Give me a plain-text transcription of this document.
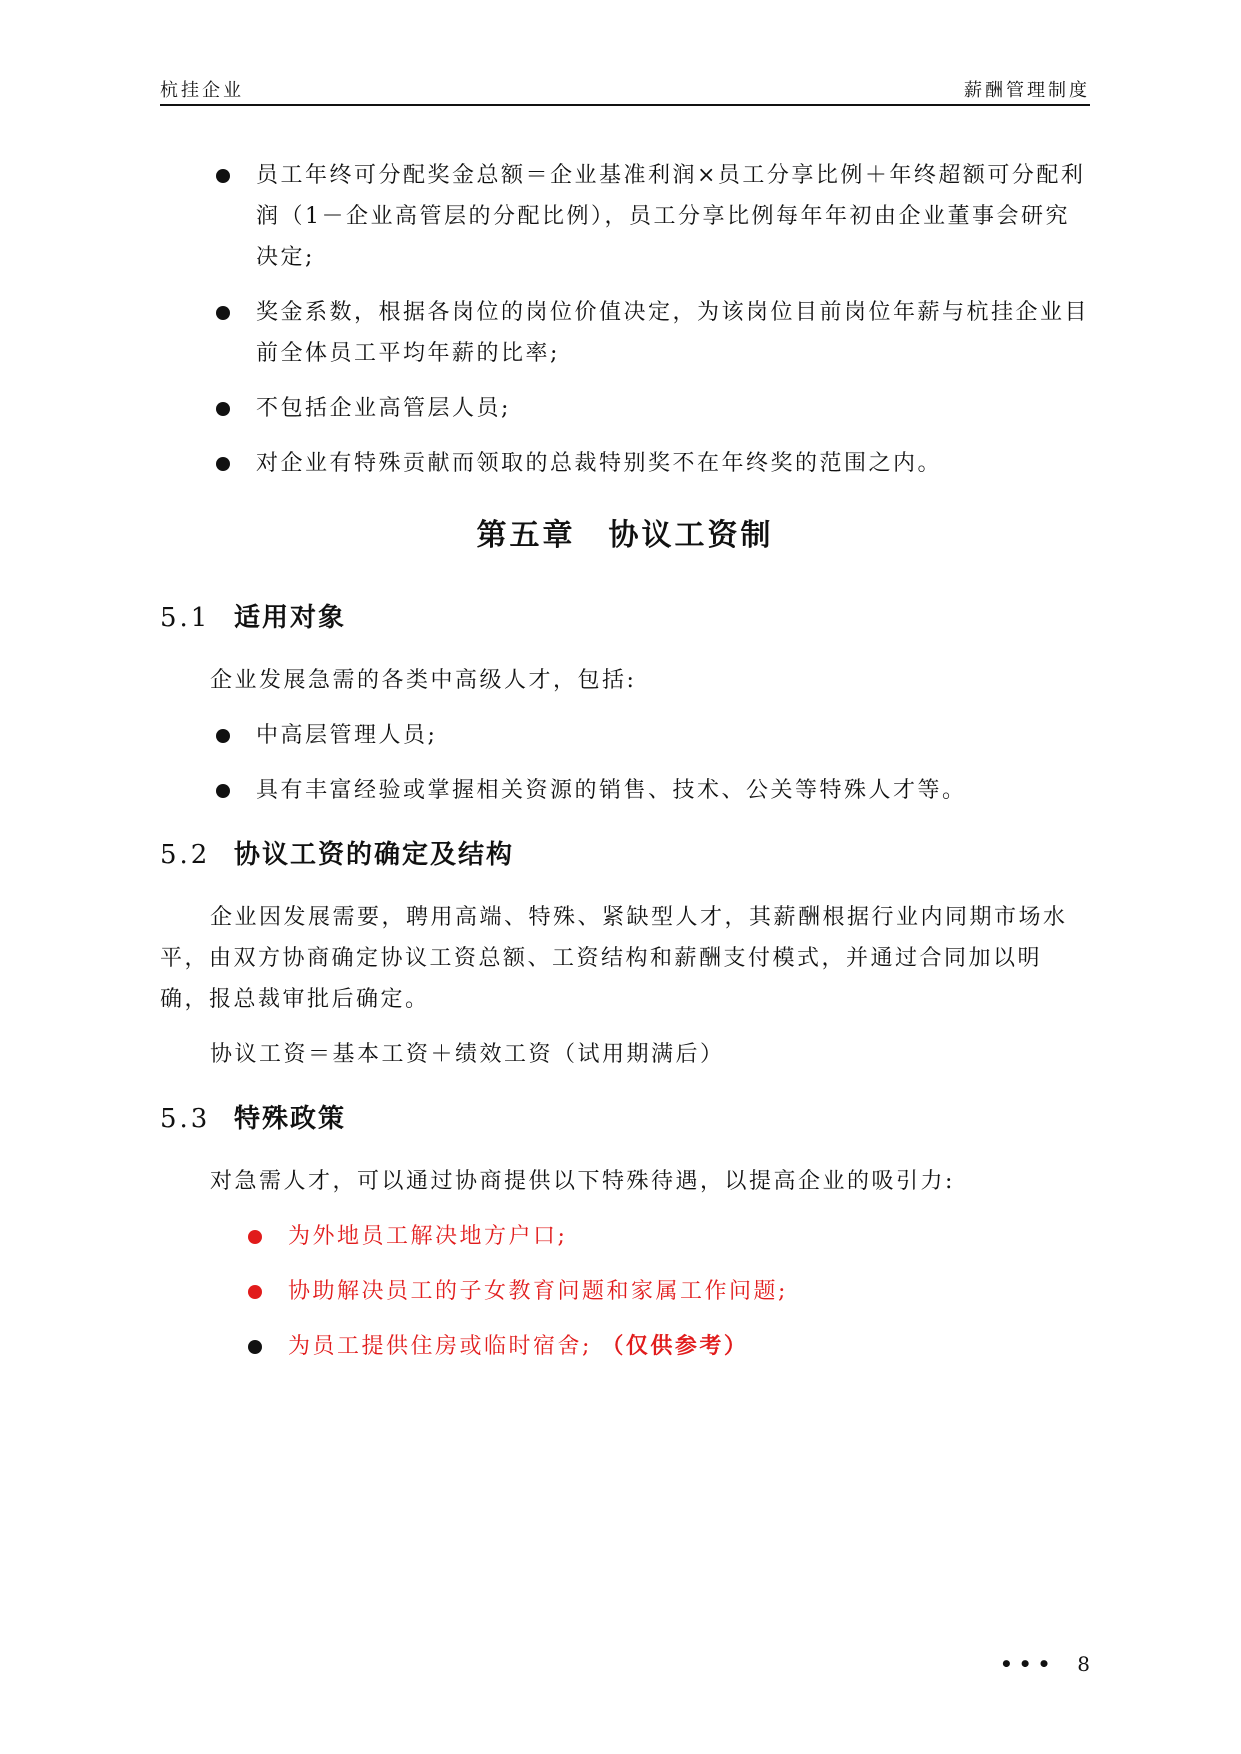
杭挂企业	薪酬管理制度
员工年终可分配奖金总额＝企业基准利润×员工分享比例＋年终超额可分配利润（1－企业高管层的分配比例），员工分享比例每年年初由企业董事会研究决定;
奖金系数，根据各岗位的岗位价值决定，为该岗位目前岗位年薪与杭挂企业目前全体员工平均年薪的比率;
不包括企业高管层人员;
对企业有特殊贡献而领取的总裁特别奖不在年终奖的范围之内。
第五章　协议工资制
5.1 适用对象
企业发展急需的各类中高级人才，包括:
中高层管理人员;
具有丰富经验或掌握相关资源的销售、技术、公关等特殊人才等。
5.2 协议工资的确定及结构
企业因发展需要，聘用高端、特殊、紧缺型人才，其薪酬根据行业内同期市场水平，由双方协商确定协议工资总额、工资结构和薪酬支付模式，并通过合同加以明确，报总裁审批后确定。
协议工资＝基本工资＋绩效工资（试用期满后）
5.3 特殊政策
对急需人才，可以通过协商提供以下特殊待遇，以提高企业的吸引力:
为外地员工解决地方户口;
协助解决员工的子女教育问题和家属工作问题;
为员工提供住房或临时宿舍; （仅供参考）
••• 8
